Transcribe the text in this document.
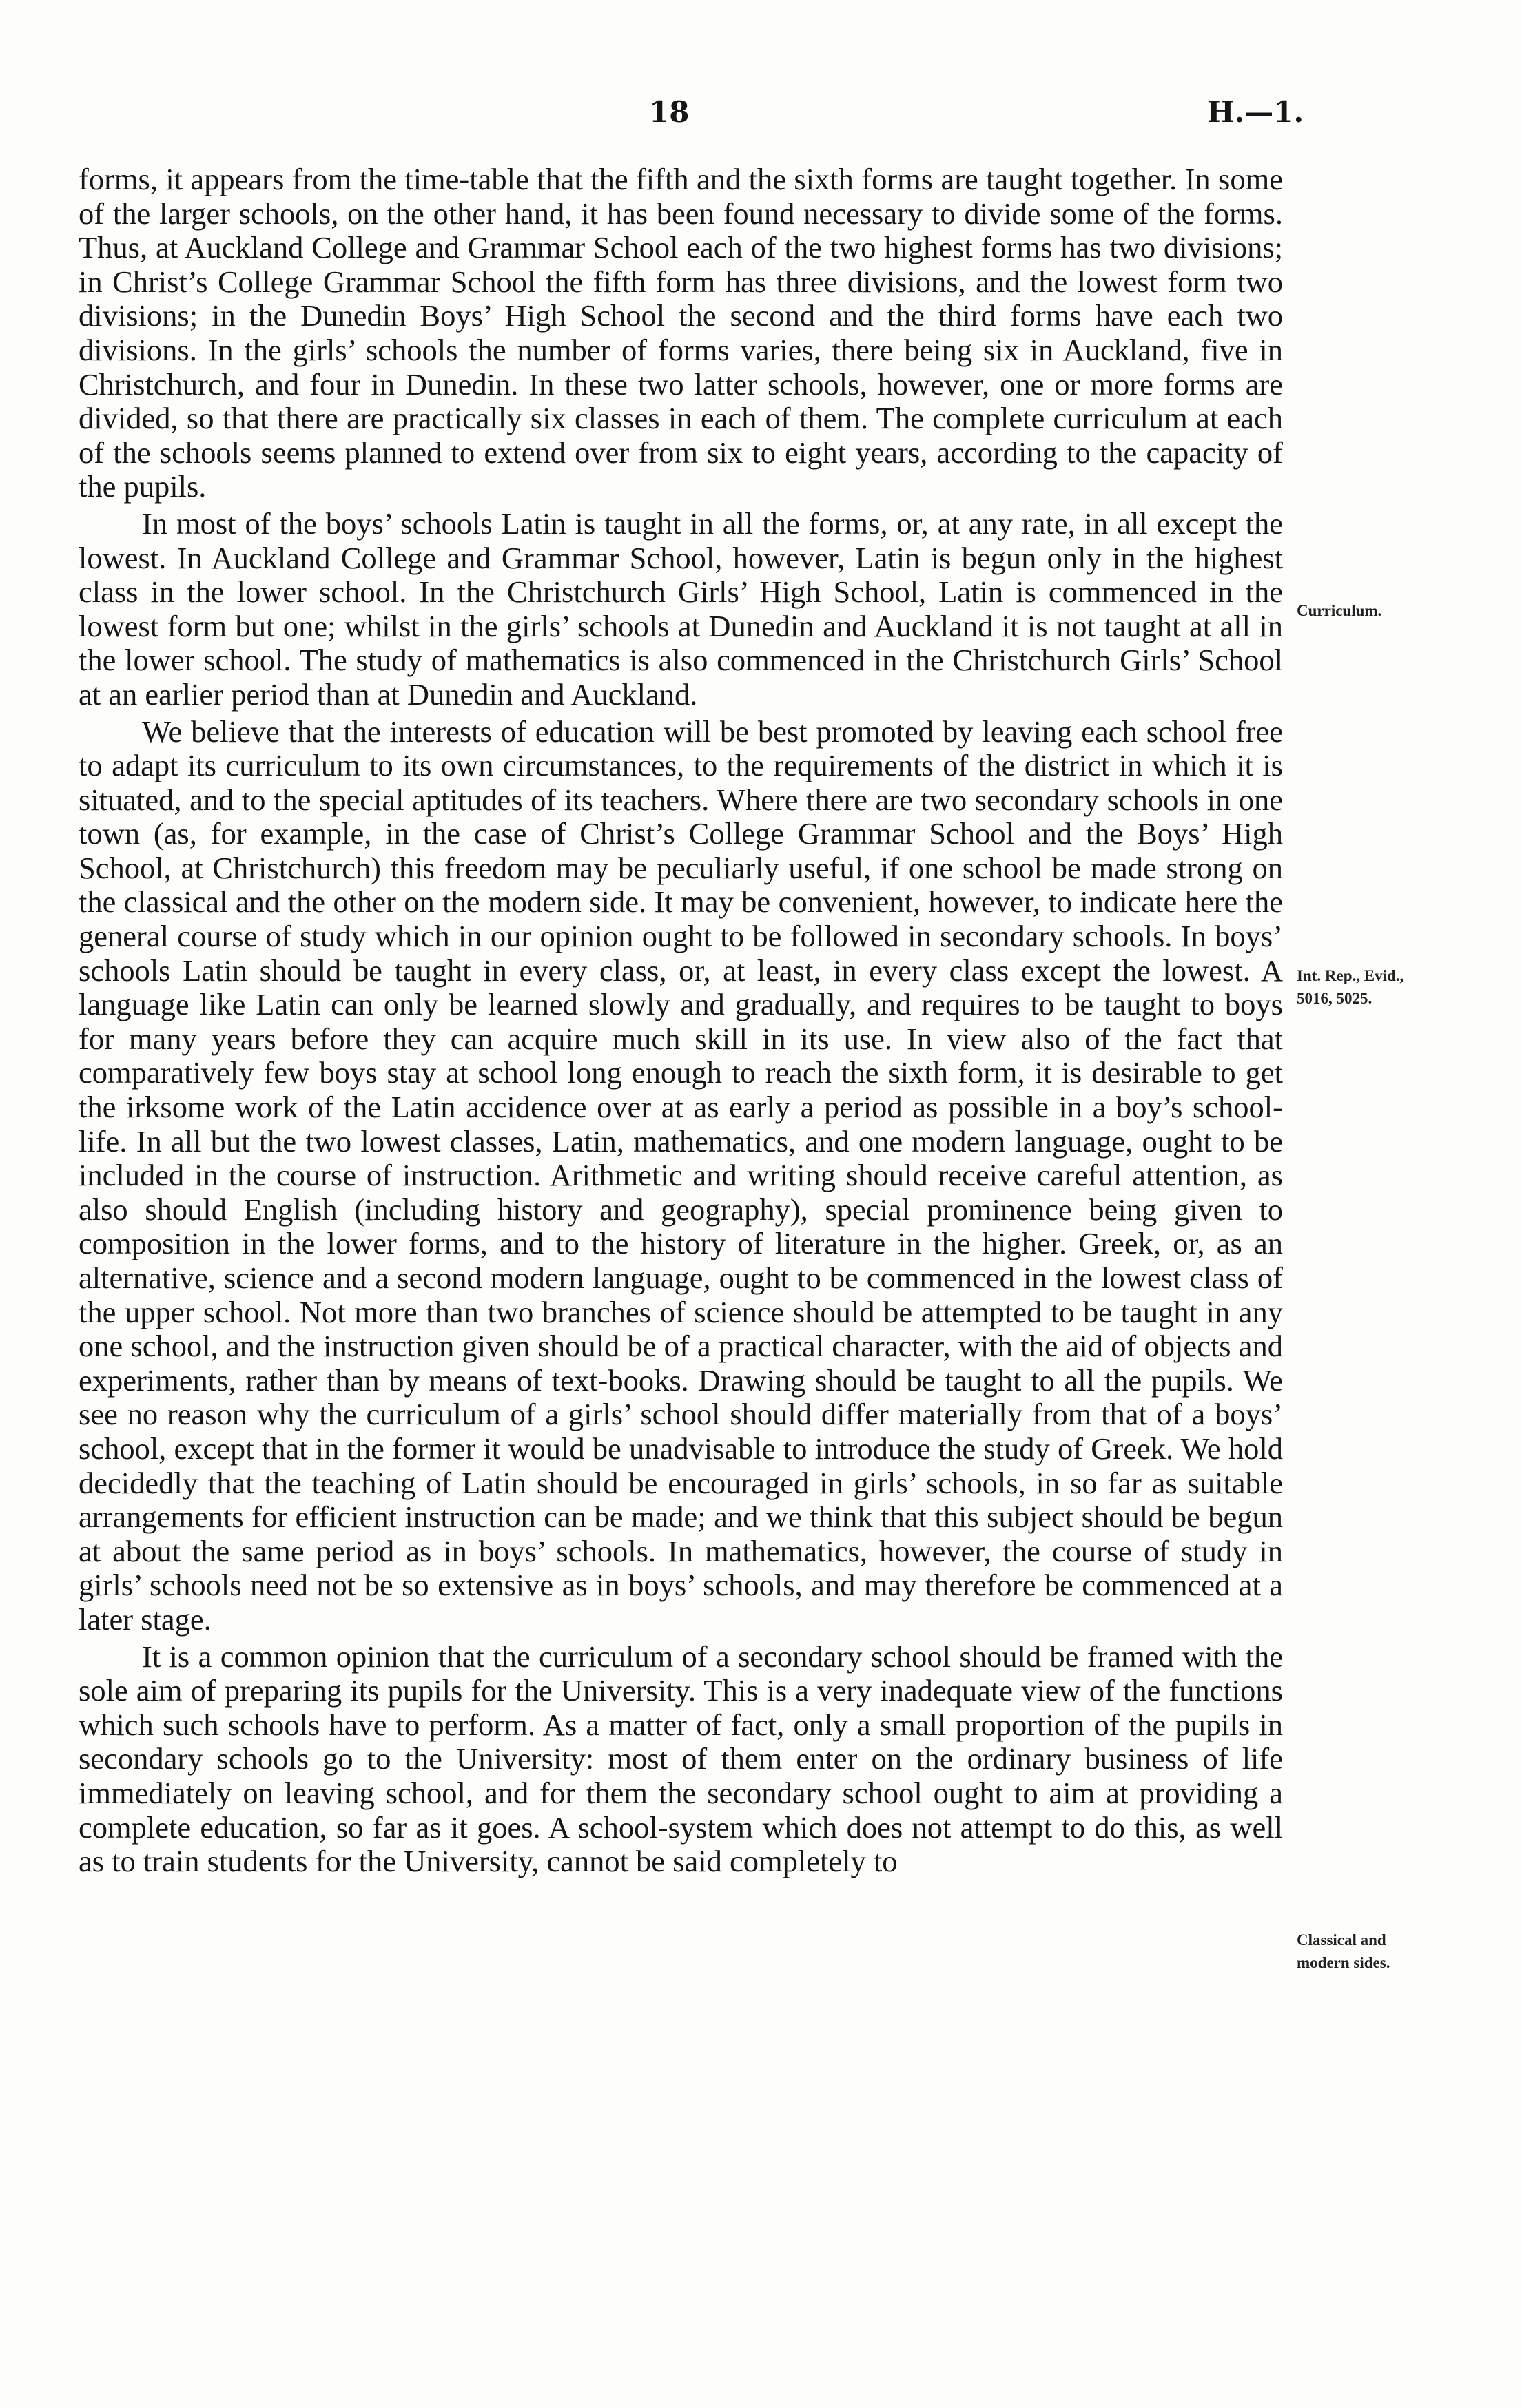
18	H.—1.

forms, it appears from the time-table that the fifth and the sixth forms are taught together. In some of the larger schools, on the other hand, it has been found necessary to divide some of the forms. Thus, at Auckland College and Grammar School each of the two highest forms has two divisions; in Christ’s College Grammar School the fifth form has three divisions, and the lowest form two divisions; in the Dunedin Boys’ High School the second and the third forms have each two divisions. In the girls’ schools the number of forms varies, there being six in Auckland, five in Christchurch, and four in Dunedin. In these two latter schools, however, one or more forms are divided, so that there are practically six classes in each of them. The complete curriculum at each of the schools seems planned to extend over from six to eight years, according to the capacity of the pupils.

In most of the boys’ schools Latin is taught in all the forms, or, at any rate, in all except the lowest. In Auckland College and Grammar School, however, Latin is begun only in the highest class in the lower school. In the Christchurch Girls’ High School, Latin is commenced in the lowest form but one; whilst in the girls’ schools at Dunedin and Auckland it is not taught at all in the lower school. The study of mathematics is also commenced in the Christchurch Girls’ School at an earlier period than at Dunedin and Auckland.

We believe that the interests of education will be best promoted by leaving each school free to adapt its curriculum to its own circumstances, to the requirements of the district in which it is situated, and to the special aptitudes of its teachers. Where there are two secondary schools in one town (as, for example, in the case of Christ’s College Grammar School and the Boys’ High School, at Christchurch) this freedom may be peculiarly useful, if one school be made strong on the classical and the other on the modern side. It may be convenient, however, to indicate here the general course of study which in our opinion ought to be followed in secondary schools. In boys’ schools Latin should be taught in every class, or, at least, in every class except the lowest. A language like Latin can only be learned slowly and gradually, and requires to be taught to boys for many years before they can acquire much skill in its use. In view also of the fact that comparatively few boys stay at school long enough to reach the sixth form, it is desirable to get the irksome work of the Latin accidence over at as early a period as possible in a boy’s school-life. In all but the two lowest classes, Latin, mathematics, and one modern language, ought to be included in the course of instruction. Arithmetic and writing should receive careful attention, as also should English (including history and geography), special prominence being given to composition in the lower forms, and to the history of literature in the higher. Greek, or, as an alternative, science and a second modern language, ought to be commenced in the lowest class of the upper school. Not more than two branches of science should be attempted to be taught in any one school, and the instruction given should be of a practical character, with the aid of objects and experiments, rather than by means of text-books. Drawing should be taught to all the pupils. We see no reason why the curriculum of a girls’ school should differ materially from that of a boys’ school, except that in the former it would be unadvisable to introduce the study of Greek. We hold decidedly that the teaching of Latin should be encouraged in girls’ schools, in so far as suitable arrangements for efficient instruction can be made; and we think that this subject should be begun at about the same period as in boys’ schools. In mathematics, however, the course of study in girls’ schools need not be so extensive as in boys’ schools, and may therefore be commenced at a later stage.

It is a common opinion that the curriculum of a secondary school should be framed with the sole aim of preparing its pupils for the University. This is a very inadequate view of the functions which such schools have to perform. As a matter of fact, only a small proportion of the pupils in secondary schools go to the University: most of them enter on the ordinary business of life immediately on leaving school, and for them the secondary school ought to aim at providing a complete education, so far as it goes. A school-system which does not attempt to do this, as well as to train students for the University, cannot be said completely to

Curriculum.
Int. Rep., Evid.,
5016, 5025.
Classical and
modern sides.
